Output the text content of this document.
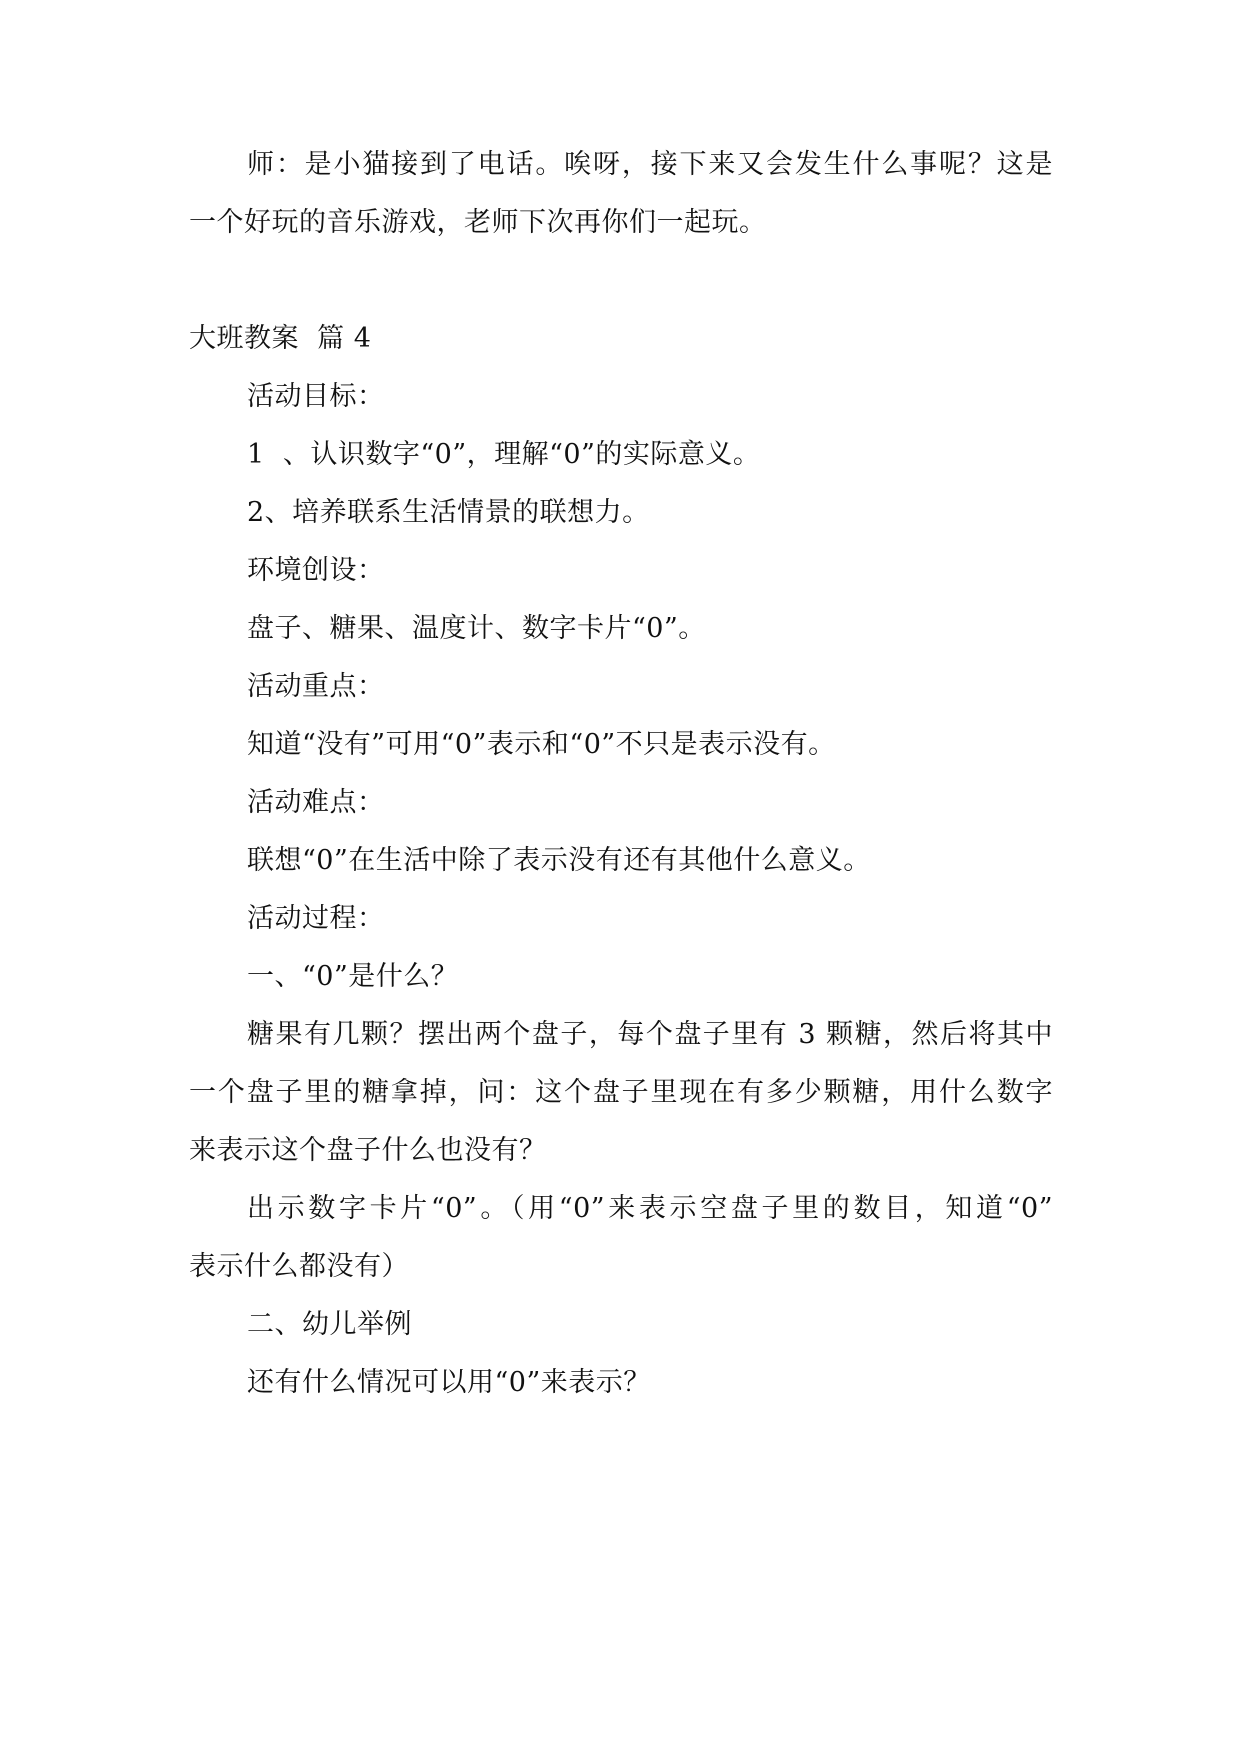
师：是小猫接到了电话。唉呀，接下来又会发生什么事呢？这是
一个好玩的音乐游戏，老师下次再你们一起玩。
大班教案  篇 4
活动目标：
1  、认识数字“0”，理解“0”的实际意义。
2、培养联系生活情景的联想力。
环境创设：
盘子、糖果、温度计、数字卡片“0”。
活动重点：
知道“没有”可用“0”表示和“0”不只是表示没有。
活动难点：
联想“0”在生活中除了表示没有还有其他什么意义。
活动过程：
一、“0”是什么？
糖果有几颗？摆出两个盘子，每个盘子里有 3 颗糖，然后将其中
一个盘子里的糖拿掉，问：这个盘子里现在有多少颗糖，用什么数字
来表示这个盘子什么也没有？
出示数字卡片“0”。（用“0”来表示空盘子里的数目，知道“0”
表示什么都没有）
二、幼儿举例
还有什么情况可以用“0”来表示？
